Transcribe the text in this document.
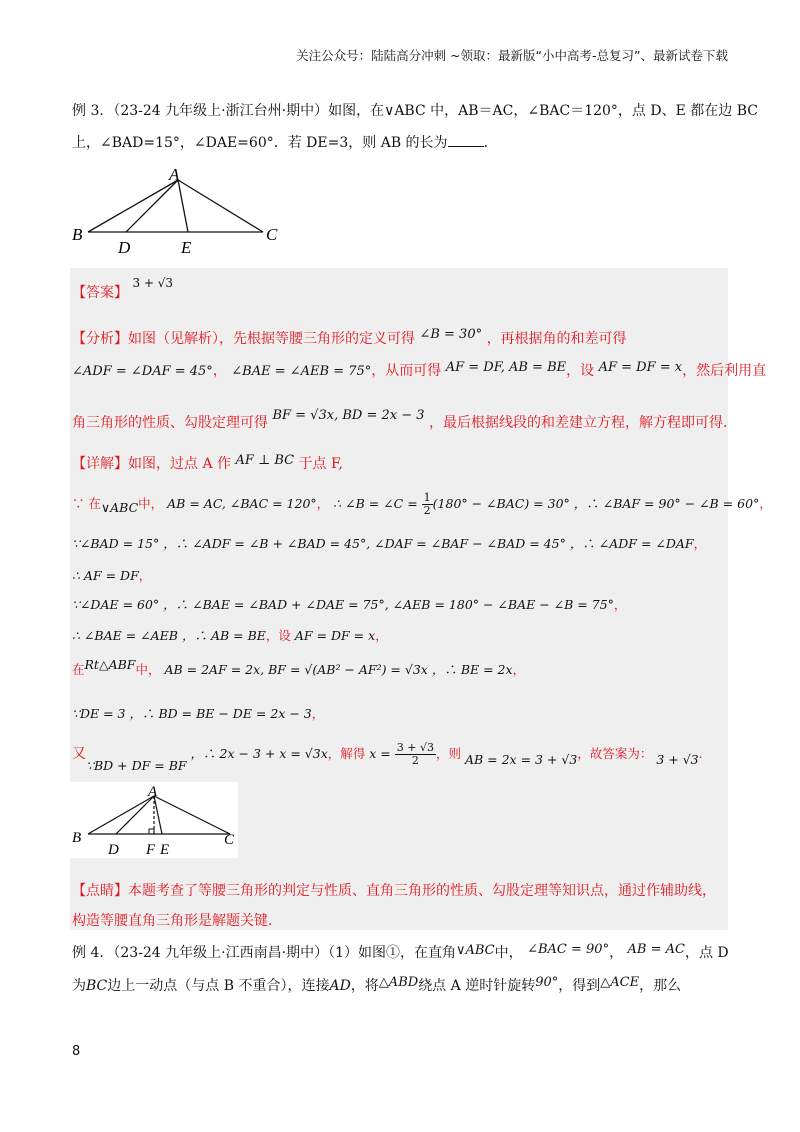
关注公众号：陆陆高分冲刺 ~领取：最新版“小中高考-总复习”、最新试卷下载
例 3．（23-24 九年级上·浙江台州·期中）如图，在∨ABC 中，AB＝AC，∠BAC＝120°，点 D、E 都在边 BC
上，∠BAD=15°，∠DAE=60°．若 DE=3，则 AB 的长为	．
A
B	C
D	E
【答案】 3 + √3
【分析】如图（见解析），先根据等腰三角形的定义可得 ∠B = 30° ，再根据角的和差可得
∠ADF = ∠DAF = 45°， ∠BAE = ∠AEB = 75°，从而可得 AF = DF, AB = BE，设 AF = DF = x，然后利用直
角三角形的性质、勾股定理可得 BF = √3x, BD = 2x − 3 ，最后根据线段的和差建立方程，解方程即可得.
【详解】如图，过点 A 作 AF ⊥ BC 于点 F,
∵ 在∨ABC中， AB = AC, ∠BAC = 120°， ∴ ∠B = ∠C = $\frac{1}{2} (180^\circ$ − ∠BAC) = 30° ，∴ ∠BAF = 90° − ∠B = 60°，
∵∠BAD = 15° ，∴ ∠ADF = ∠B + ∠BAD = 45°, ∠DAF = ∠BAF − ∠BAD = 45° ，∴ ∠ADF = ∠DAF，
∴ AF = DF，
∵∠DAE = 60° ，∴ ∠BAE = ∠BAD + ∠DAE = 75°, ∠AEB = 180° − ∠BAE − ∠B = 75°，
∴ ∠BAE = ∠AEB ，∴ AB = BE，设 AF = DF = x，
在Rt△ABF中， AB = 2AF = 2x, BF = √(AB² − AF²) = √3x ，∴ BE = 2x，
∵DE = 3 ，∴ BD = BE − DE = 2x − 3，
又∵BD + DF = BF ，∴ 2x − 3 + x = √3x，解得 $x = \frac{3 + √3}{2}$ ，则 AB = 2x = 3 + √3，故答案为： 3 + √3.
A
B	C
D F E
【点睛】本题考查了等腰三角形的判定与性质、直角三角形的性质、勾股定理等知识点，通过作辅助线，
构造等腰直角三角形是解题关键.
例 4．（23-24 九年级上·江西南昌·期中）（1）如图①，在直角∨ABC中， ∠BAC = 90°， AB = AC，点 D
为BC边上一动点（与点 B 不重合），连接AD，将△ABD绕点 A 逆时针旋转90°，得到△ACE，那么
8
